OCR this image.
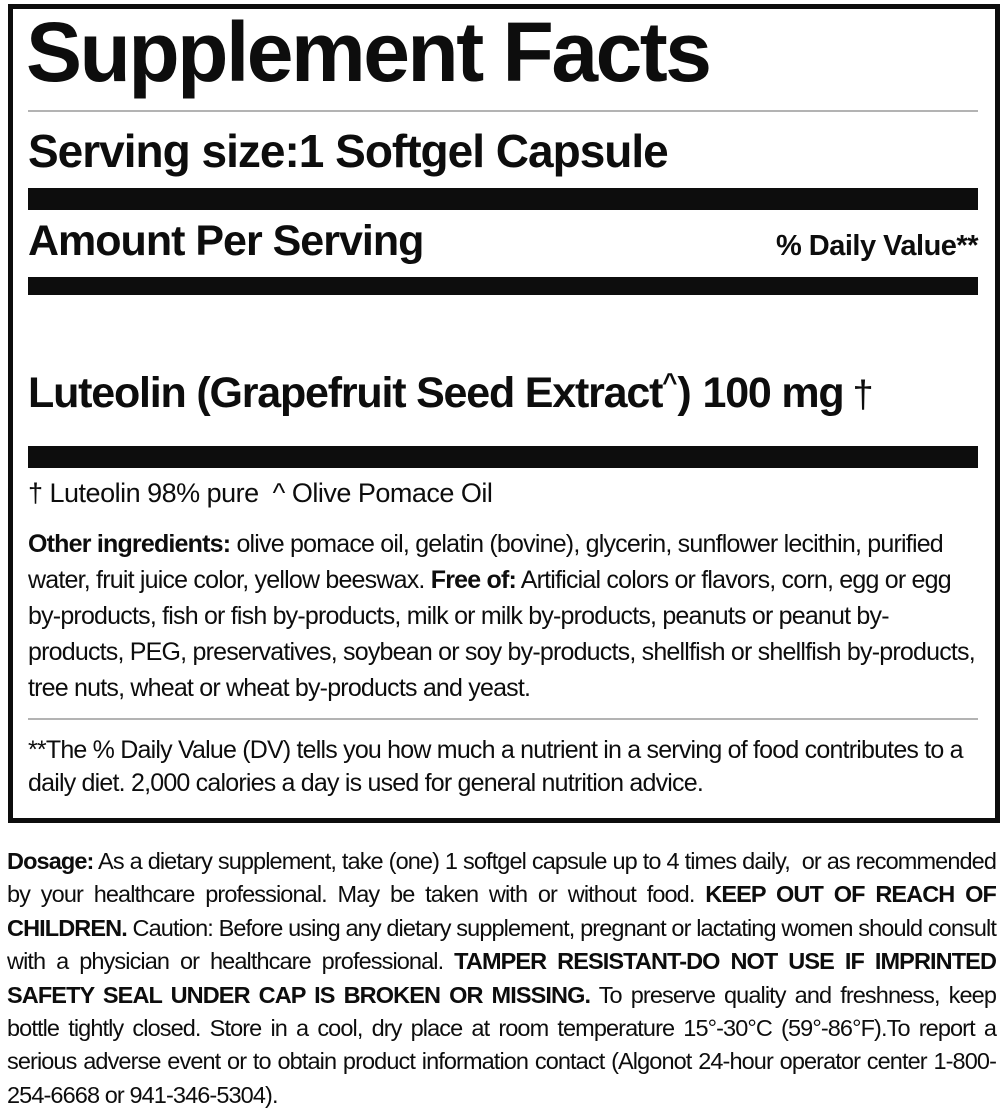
Supplement Facts
Serving size:1 Softgel Capsule
Amount Per Serving	% Daily Value**
Luteolin (Grapefruit Seed Extract^) 100 mg †
† Luteolin 98% pure  ^ Olive Pomace Oil

Other ingredients: olive pomace oil, gelatin (bovine), glycerin, sunflower lecithin, purified water, fruit juice color, yellow beeswax. Free of: Artificial colors or flavors, corn, egg or egg by-products, fish or fish by-products, milk or milk by-products, peanuts or peanut by-products, PEG, preservatives, soybean or soy by-products, shellfish or shellfish by-products, tree nuts, wheat or wheat by-products and yeast.

**The % Daily Value (DV) tells you how much a nutrient in a serving of food contributes to a daily diet. 2,000 calories a day is used for general nutrition advice.

Dosage: As a dietary supplement, take (one) 1 softgel capsule up to 4 times daily,  or as recommended by your healthcare professional. May be taken with or without food. KEEP OUT OF REACH OF CHILDREN. Caution: Before using any dietary supplement, pregnant or lactating women should consult with a physician or healthcare professional. TAMPER RESISTANT-DO NOT USE IF IMPRINTED SAFETY SEAL UNDER CAP IS BROKEN OR MISSING. To preserve quality and freshness, keep bottle tightly closed. Store in a cool, dry place at room temperature 15°-30°C (59°-86°F).To report a serious adverse event or to obtain product information contact (Algonot 24-hour operator center 1-800-254-6668 or 941-346-5304).
